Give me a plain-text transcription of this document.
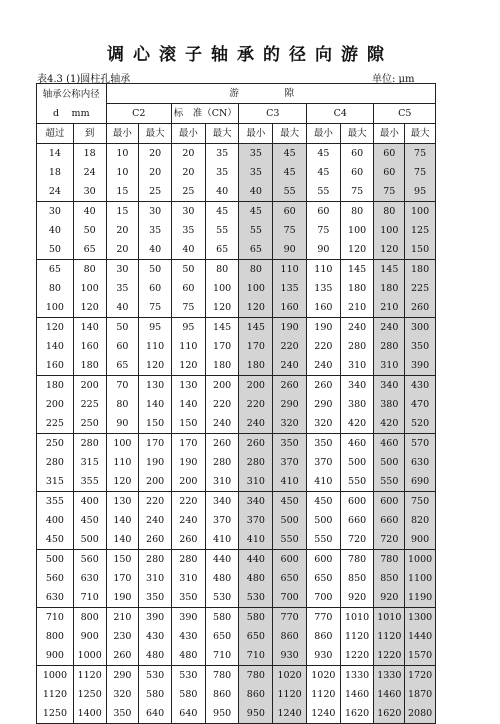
调心滚子轴承的径向游隙
表4.3 (1)圆柱孔轴承	单位: μm
轴承公称内径
d　 mm		游　隙									
		C2		标　准（CN）		C3		C4		C5	
超过	到	最小	最大	最小	最大	最小	最大	最小	最大	最小	最大
14	18	10	20	20	35	35	45	45	60	60	75
18	24	10	20	20	35	35	45	45	60	60	75
24	30	15	25	25	40	40	55	55	75	75	95
30	40	15	30	30	45	45	60	60	80	80	100
40	50	20	35	35	55	55	75	75	100	100	125
50	65	20	40	40	65	65	90	90	120	120	150
65	80	30	50	50	80	80	110	110	145	145	180
80	100	35	60	60	100	100	135	135	180	180	225
100	120	40	75	75	120	120	160	160	210	210	260
120	140	50	95	95	145	145	190	190	240	240	300
140	160	60	110	110	170	170	220	220	280	280	350
160	180	65	120	120	180	180	240	240	310	310	390
180	200	70	130	130	200	200	260	260	340	340	430
200	225	80	140	140	220	220	290	290	380	380	470
225	250	90	150	150	240	240	320	320	420	420	520
250	280	100	170	170	260	260	350	350	460	460	570
280	315	110	190	190	280	280	370	370	500	500	630
315	355	120	200	200	310	310	410	410	550	550	690
355	400	130	220	220	340	340	450	450	600	600	750
400	450	140	240	240	370	370	500	500	660	660	820
450	500	140	260	260	410	410	550	550	720	720	900
500	560	150	280	280	440	440	600	600	780	780	1000
560	630	170	310	310	480	480	650	650	850	850	1100
630	710	190	350	350	530	530	700	700	920	920	1190
710	800	210	390	390	580	580	770	770	1010	1010	1300
800	900	230	430	430	650	650	860	860	1120	1120	1440
900	1000	260	480	480	710	710	930	930	1220	1220	1570
1000	1120	290	530	530	780	780	1020	1020	1330	1330	1720
1120	1250	320	580	580	860	860	1120	1120	1460	1460	1870
1250	1400	350	640	640	950	950	1240	1240	1620	1620	2080
